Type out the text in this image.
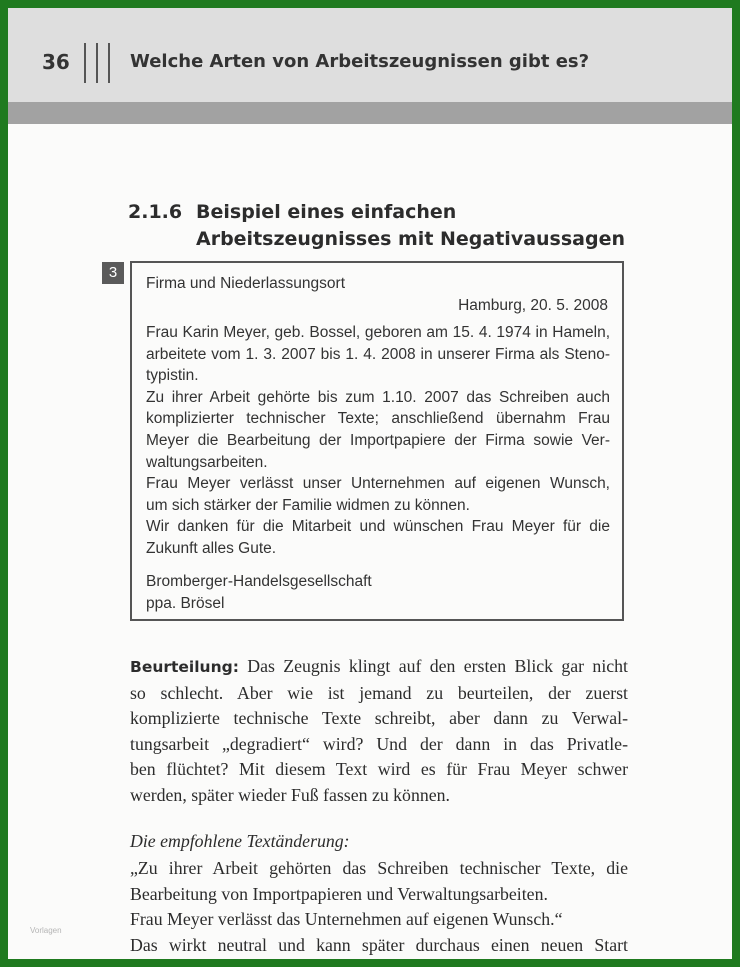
36	Welche Arten von Arbeitszeugnissen gibt es?
2.1.6 Beispiel eines einfachen
Arbeitszeugnisses mit Negativaussagen
3
Firma und Niederlassungsort
Hamburg, 20. 5. 2008
Frau Karin Meyer, geb. Bossel, geboren am 15. 4. 1974 in Hameln,
arbeitete vom 1. 3. 2007 bis 1. 4. 2008 in unserer Firma als Steno-
typistin.
Zu ihrer Arbeit gehörte bis zum 1.10. 2007 das Schreiben auch
komplizierter technischer Texte; anschließend übernahm Frau
Meyer die Bearbeitung der Importpapiere der Firma sowie Ver-
waltungsarbeiten.
Frau Meyer verlässt unser Unternehmen auf eigenen Wunsch,
um sich stärker der Familie widmen zu können.
Wir danken für die Mitarbeit und wünschen Frau Meyer für die
Zukunft alles Gute.
Bromberger-Handelsgesellschaft
ppa. Brösel
Beurteilung: Das Zeugnis klingt auf den ersten Blick gar nicht
so schlecht. Aber wie ist jemand zu beurteilen, der zuerst
komplizierte technische Texte schreibt, aber dann zu Verwal-
tungsarbeit „degradiert“ wird? Und der dann in das Privatle-
ben flüchtet? Mit diesem Text wird es für Frau Meyer schwer
werden, später wieder Fuß fassen zu können.
Die empfohlene Textänderung:
„Zu ihrer Arbeit gehörten das Schreiben technischer Texte, die
Bearbeitung von Importpapieren und Verwaltungsarbeiten.
Frau Meyer verlässt das Unternehmen auf eigenen Wunsch.“
Das wirkt neutral und kann später durchaus einen neuen Start
Vorlagen
